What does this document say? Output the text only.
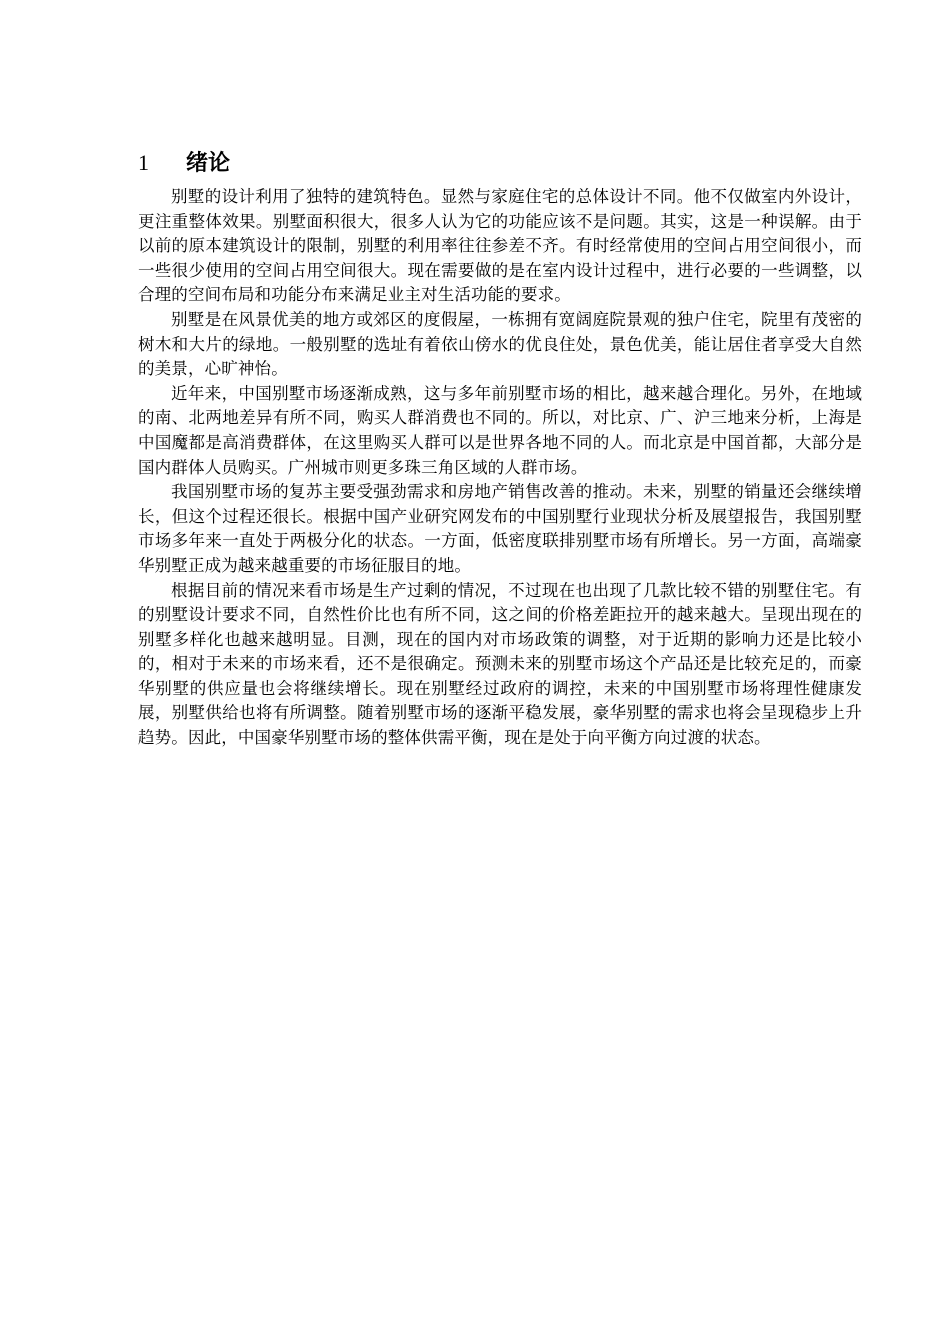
1	绪论

别墅的设计利用了独特的建筑特色。显然与家庭住宅的总体设计不同。他不仅做室内外设计，更注重整体效果。别墅面积很大，很多人认为它的功能应该不是问题。其实，这是一种误解。由于以前的原本建筑设计的限制，别墅的利用率往往参差不齐。有时经常使用的空间占用空间很小，而一些很少使用的空间占用空间很大。现在需要做的是在室内设计过程中，进行必要的一些调整，以合理的空间布局和功能分布来满足业主对生活功能的要求。

别墅是在风景优美的地方或郊区的度假屋，一栋拥有宽阔庭院景观的独户住宅，院里有茂密的树木和大片的绿地。一般别墅的选址有着依山傍水的优良住处，景色优美，能让居住者享受大自然的美景，心旷神怡。

近年来，中国别墅市场逐渐成熟，这与多年前别墅市场的相比，越来越合理化。另外，在地域的南、北两地差异有所不同，购买人群消费也不同的。所以，对比京、广、沪三地来分析，上海是中国魔都是高消费群体，在这里购买人群可以是世界各地不同的人。而北京是中国首都，大部分是国内群体人员购买。广州城市则更多珠三角区域的人群市场。

我国别墅市场的复苏主要受强劲需求和房地产销售改善的推动。未来，别墅的销量还会继续增长，但这个过程还很长。根据中国产业研究网发布的中国别墅行业现状分析及展望报告，我国别墅市场多年来一直处于两极分化的状态。一方面，低密度联排别墅市场有所增长。另一方面，高端豪华别墅正成为越来越重要的市场征服目的地。

根据目前的情况来看市场是生产过剩的情况，不过现在也出现了几款比较不错的别墅住宅。有的别墅设计要求不同，自然性价比也有所不同，这之间的价格差距拉开的越来越大。呈现出现在的别墅多样化也越来越明显。目测，现在的国内对市场政策的调整，对于近期的影响力还是比较小的，相对于未来的市场来看，还不是很确定。预测未来的别墅市场这个产品还是比较充足的，而豪华别墅的供应量也会将继续增长。现在别墅经过政府的调控，未来的中国别墅市场将理性健康发展，别墅供给也将有所调整。随着别墅市场的逐渐平稳发展，豪华别墅的需求也将会呈现稳步上升趋势。因此，中国豪华别墅市场的整体供需平衡，现在是处于向平衡方向过渡的状态。
